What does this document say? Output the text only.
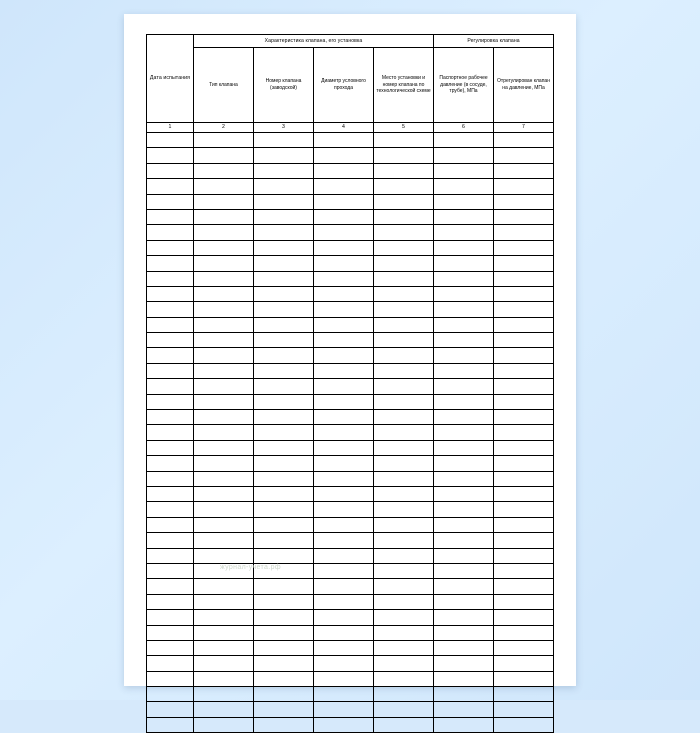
Дата испытания	Характеристика клапана, его установка				Регулировка клапана	

	Тип клапана	Номер клапана (заводской)	Диаметр условного прохода	Место установки и номер клапана по технологической схеме	Паспортное рабочее давление (в сосуде, трубе), МПа	Отрегулирован клапан на давление, МПа

1	2	3	4	5	6	7

журнал-учета.рф
